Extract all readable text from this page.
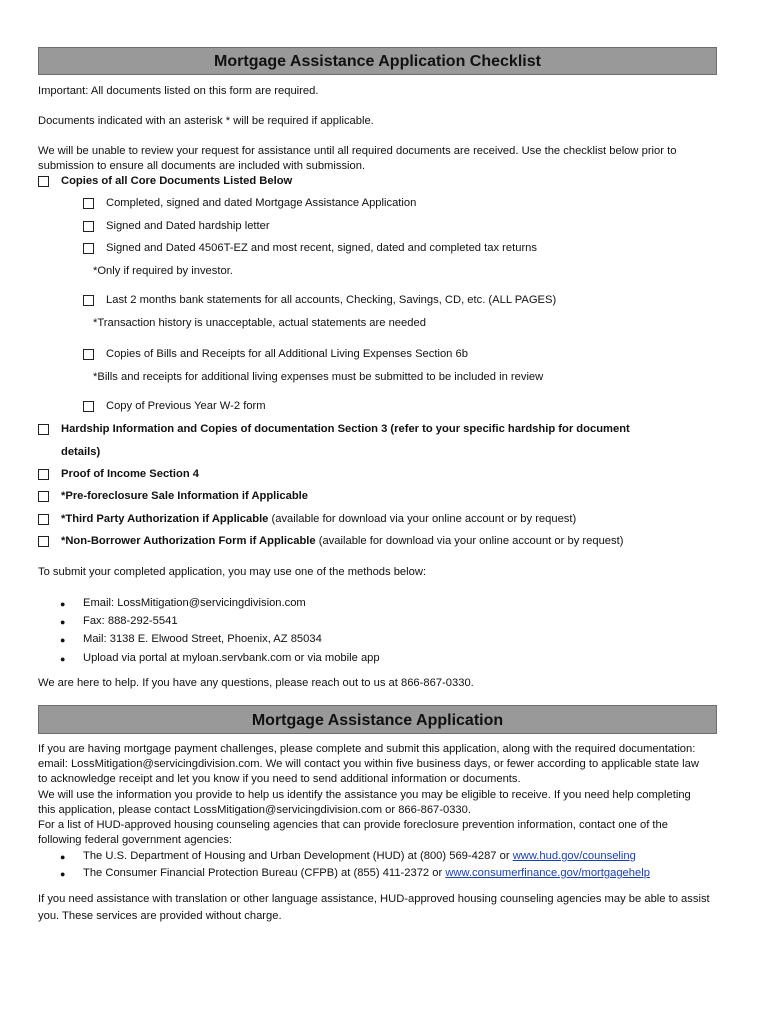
Mortgage Assistance Application Checklist
Important: All documents listed on this form are required.
Documents indicated with an asterisk * will be required if applicable.
We will be unable to review your request for assistance until all required documents are received. Use the checklist below prior to
submission to ensure all documents are included with submission.
Copies of all Core Documents Listed Below
Completed, signed and dated Mortgage Assistance Application
Signed and Dated hardship letter
Signed and Dated 4506T-EZ and most recent, signed, dated and completed tax returns
*Only if required by investor.
Last 2 months bank statements for all accounts, Checking, Savings, CD, etc. (ALL PAGES)
*Transaction history is unacceptable, actual statements are needed
Copies of Bills and Receipts for all Additional Living Expenses Section 6b
*Bills and receipts for additional living expenses must be submitted to be included in review
Copy of Previous Year W-2 form
Hardship Information and Copies of documentation Section 3 (refer to your specific hardship for document
details)
Proof of Income Section 4
*Pre-foreclosure Sale Information if Applicable
*Third Party Authorization if Applicable (available for download via your online account or by request)
*Non-Borrower Authorization Form if Applicable (available for download via your online account or by request)
To submit your completed application, you may use one of the methods below:
● Email: LossMitigation@servicingdivision.com
● Fax: 888-292-5541
● Mail: 3138 E. Elwood Street, Phoenix, AZ 85034
● Upload via portal at myloan.servbank.com or via mobile app
We are here to help. If you have any questions, please reach out to us at 866-867-0330.
Mortgage Assistance Application
If you are having mortgage payment challenges, please complete and submit this application, along with the required documentation:
email: LossMitigation@servicingdivision.com. We will contact you within five business days, or fewer according to applicable state law
to acknowledge receipt and let you know if you need to send additional information or documents.
We will use the information you provide to help us identify the assistance you may be eligible to receive. If you need help completing
this application, please contact LossMitigation@servicingdivision.com or 866-867-0330.
For a list of HUD-approved housing counseling agencies that can provide foreclosure prevention information, contact one of the
following federal government agencies:
● The U.S. Department of Housing and Urban Development (HUD) at (800) 569-4287 or www.hud.gov/counseling
● The Consumer Financial Protection Bureau (CFPB) at (855) 411-2372 or www.consumerfinance.gov/mortgagehelp
If you need assistance with translation or other language assistance, HUD-approved housing counseling agencies may be able to assist
you. These services are provided without charge.
